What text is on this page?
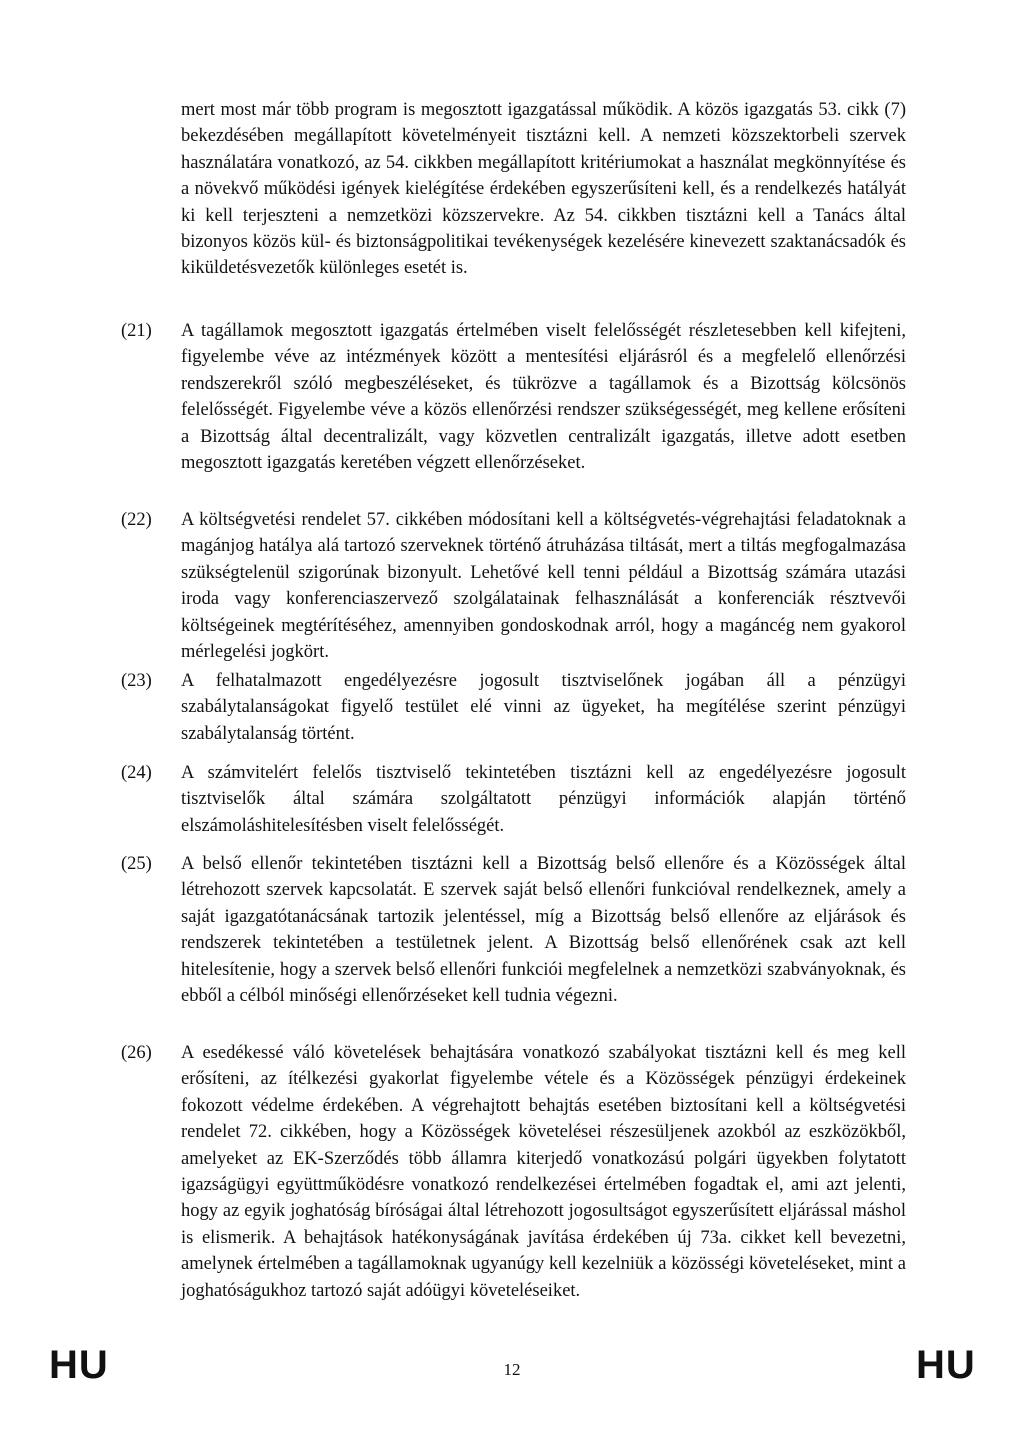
mert most már több program is megosztott igazgatással működik. A közös igazgatás 53. cikk (7) bekezdésében megállapított követelményeit tisztázni kell. A nemzeti közszektorbeli szervek használatára vonatkozó, az 54. cikkben megállapított kritériumokat a használat megkönnyítése és a növekvő működési igények kielégítése érdekében egyszerűsíteni kell, és a rendelkezés hatályát ki kell terjeszteni a nemzetközi közszervekre. Az 54. cikkben tisztázni kell a Tanács által bizonyos közös kül- és biztonságpolitikai tevékenységek kezelésére kinevezett szaktanácsadók és kiküldetésvezetők különleges esetét is.
(21)	A tagállamok megosztott igazgatás értelmében viselt felelősségét részletesebben kell kifejteni, figyelembe véve az intézmények között a mentesítési eljárásról és a megfelelő ellenőrzési rendszerekről szóló megbeszéléseket, és tükrözve a tagállamok és a Bizottság kölcsönös felelősségét. Figyelembe véve a közös ellenőrzési rendszer szükségességét, meg kellene erősíteni a Bizottság által decentralizált, vagy közvetlen centralizált igazgatás, illetve adott esetben megosztott igazgatás keretében végzett ellenőrzéseket.
(22)	A költségvetési rendelet 57. cikkében módosítani kell a költségvetés-végrehajtási feladatoknak a magánjog hatálya alá tartozó szerveknek történő átruházása tiltását, mert a tiltás megfogalmazása szükségtelenül szigorúnak bizonyult. Lehetővé kell tenni például a Bizottság számára utazási iroda vagy konferenciaszervező szolgálatainak felhasználását a konferenciák résztvevői költségeinek megtérítéséhez, amennyiben gondoskodnak arról, hogy a magáncég nem gyakorol mérlegelési jogkört.
(23)	A felhatalmazott engedélyezésre jogosult tisztviselőnek jogában áll a pénzügyi szabálytalanságokat figyelő testület elé vinni az ügyeket, ha megítélése szerint pénzügyi szabálytalanság történt.
(24)	A számvitelért felelős tisztviselő tekintetében tisztázni kell az engedélyezésre jogosult tisztviselők által számára szolgáltatott pénzügyi információk alapján történő elszámoláshitelesítésben viselt felelősségét.
(25)	A belső ellenőr tekintetében tisztázni kell a Bizottság belső ellenőre és a Közösségek által létrehozott szervek kapcsolatát. E szervek saját belső ellenőri funkcióval rendelkeznek, amely a saját igazgatótanácsának tartozik jelentéssel, míg a Bizottság belső ellenőre az eljárások és rendszerek tekintetében a testületnek jelent. A Bizottság belső ellenőrének csak azt kell hitelesítenie, hogy a szervek belső ellenőri funkciói megfelelnek a nemzetközi szabványoknak, és ebből a célból minőségi ellenőrzéseket kell tudnia végezni.
(26)	A esedékessé váló követelések behajtására vonatkozó szabályokat tisztázni kell és meg kell erősíteni, az ítélkezési gyakorlat figyelembe vétele és a Közösségek pénzügyi érdekeinek fokozott védelme érdekében. A végrehajtott behajtás esetében biztosítani kell a költségvetési rendelet 72. cikkében, hogy a Közösségek követelései részesüljenek azokból az eszközökből, amelyeket az EK-Szerződés több államra kiterjedő vonatkozású polgári ügyekben folytatott igazságügyi együttműködésre vonatkozó rendelkezései értelmében fogadtak el, ami azt jelenti, hogy az egyik joghatóság bíróságai által létrehozott jogosultságot egyszerűsített eljárással máshol is elismerik. A behajtások hatékonyságának javítása érdekében új 73a. cikket kell bevezetni, amelynek értelmében a tagállamoknak ugyanúgy kell kezelniük a közösségi követeléseket, mint a joghatóságukhoz tartozó saját adóügyi követeléseiket.
HU	12	HU
